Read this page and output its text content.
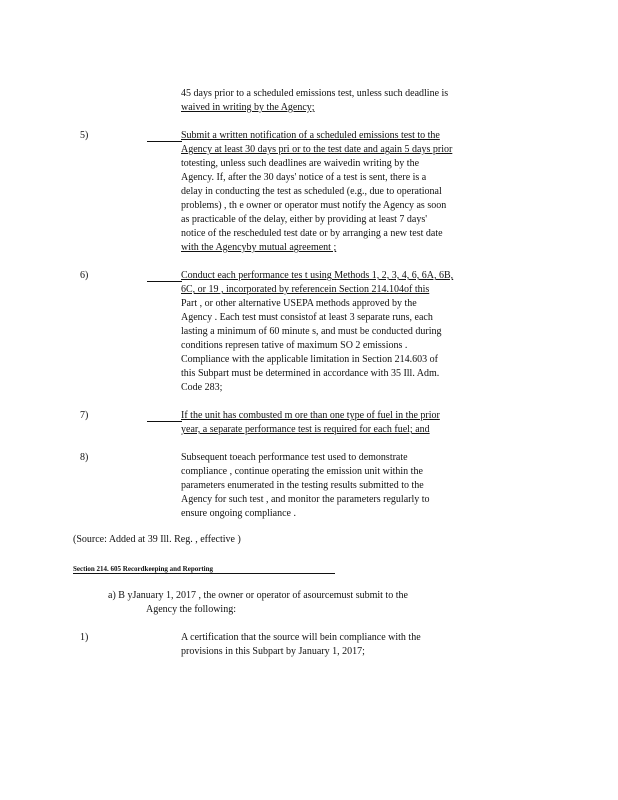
45 days prior to a scheduled emissions test, unless such deadline is
waived in writing by the Agency;
5)	Submit a written notification of a scheduled emissions test to the
Agency at least 30 days pri or to the test date and again 5 days prior
totesting, unless such deadlines are waivedin writing by the
Agency. If, after the 30 days' notice of a test is sent, there is a
delay in conducting the test as scheduled (e.g., due to operational
problems) , th e owner or operator must notify the Agency as soon
as practicable of the delay, either by providing at least 7 days'
notice of the rescheduled test date or by arranging a new test date
with the Agencyby mutual agreement ;
6)	Conduct each performance tes t using Methods 1, 2, 3, 4, 6, 6A, 6B,
6C, or 19 , incorporated by referencein Section 214.104of this
Part , or other alternative USEPA methods approved by the
Agency . Each test must consistof at least 3 separate runs, each
lasting a minimum of 60 minute s, and must be conducted during
conditions represen tative of maximum SO 2 emissions .
Compliance with the applicable limitation in Section 214.603 of
this Subpart must be determined in accordance with 35 Ill. Adm.
Code 283;
7)	If the unit has combusted m ore than one type of fuel in the prior
year, a separate performance test is required for each fuel; and
8)	Subsequent toeach performance test used to demonstrate
compliance , continue operating the emission unit within the
parameters enumerated in the testing results submitted to the
Agency for such test , and monitor the parameters regularly to
ensure ongoing compliance .
(Source: Added at 39 Ill. Reg. , effective )
Section 214. 605 Recordkeeping and Reporting
a) B yJanuary 1, 2017 , the owner or operator of asourcemust submit to the
Agency the following:
1)	A certification that the source will bein compliance with the
provisions in this Subpart by January 1, 2017;
